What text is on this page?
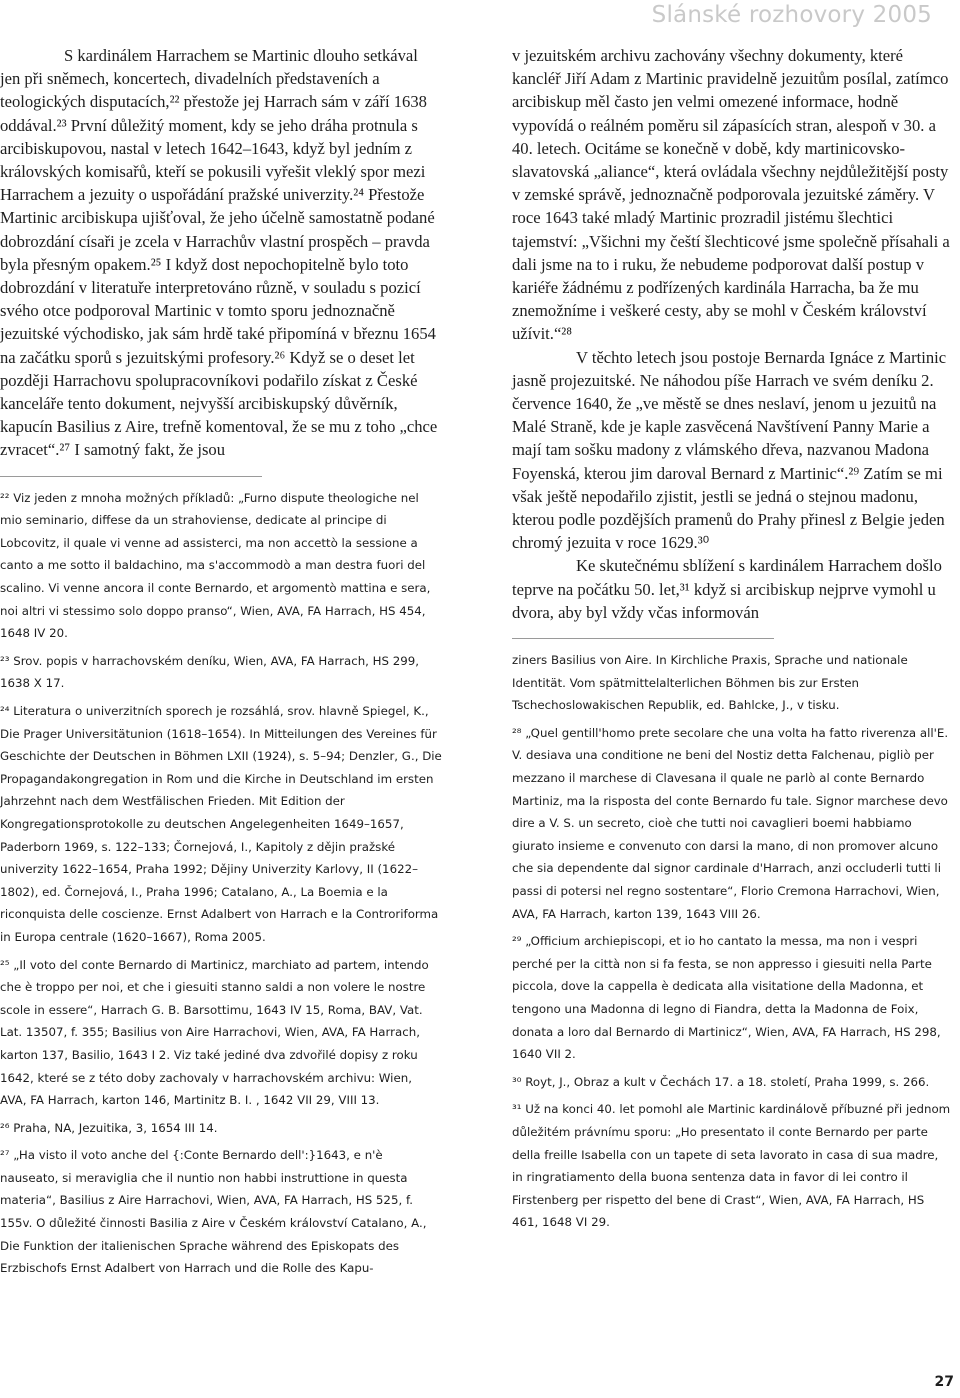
Slánské rozhovory 2005

S kardinálem Harrachem se Martinic dlouho setkával jen při sněmech, koncertech, divadelních představeních a teologických disputacích,²² přestože jej Harrach sám v září 1638 oddával.²³ První důležitý moment, kdy se jeho dráha protnula s arcibiskupovou, nastal v letech 1642–1643, když byl jedním z královských komisařů, kteří se pokusili vyřešit vleklý spor mezi Harrachem a jezuity o uspořádání pražské univerzity.²⁴ Přestože Martinic arcibiskupa ujišťoval, že jeho účelně samostatně podané dobrozdání císaři je zcela v Harrachův vlastní prospěch – pravda byla přesným opakem.²⁵ I když dost nepochopitelně bylo toto dobrozdání v literatuře interpretováno různě, v souladu s pozicí svého otce podporoval Martinic v tomto sporu jednoznačně jezuitské východisko, jak sám hrdě také připomíná v březnu 1654 na začátku sporů s jezuitskými profesory.²⁶ Když se o deset let později Harrachovu spolupracovníkovi podařilo získat z České kanceláře tento dokument, nejvyšší arcibiskupský důvěrník, kapucín Basilius z Aire, trefně komentoval, že se mu z toho „chce zvracet“.²⁷ I samotný fakt, že jsou

²² Viz jeden z mnoha možných příkladů: „Furno dispute theologiche nel mio seminario, diffese da un strahoviense, dedicate al principe di Lobcovitz, il quale vi venne ad assisterci, ma non accettò la sessione a canto a me sotto il baldachino, ma s'accommodò a man destra fuori del scalino. Vi venne ancora il conte Bernardo, et argomentò mattina e sera, noi altri vi stessimo solo doppo pranso“, Wien, AVA, FA Harrach, HS 454, 1648 IV 20.

²³ Srov. popis v harrachovském deníku, Wien, AVA, FA Harrach, HS 299, 1638 X 17.

²⁴ Literatura o univerzitních sporech je rozsáhlá, srov. hlavně Spiegel, K., Die Prager Universitätunion (1618–1654). In Mitteilungen des Vereines für Geschichte der Deutschen in Böhmen LXII (1924), s. 5–94; Denzler, G., Die Propagandakongregation in Rom und die Kirche in Deutschland im ersten Jahrzehnt nach dem Westfälischen Frieden. Mit Edition der Kongregationsprotokolle zu deutschen Angelegenheiten 1649–1657, Paderborn 1969, s. 122–133; Čornejová, I., Kapitoly z dějin pražské univerzity 1622–1654, Praha 1992; Dějiny Univerzity Karlovy, II (1622–1802), ed. Čornejová, I., Praha 1996; Catalano, A., La Boemia e la riconquista delle coscienze. Ernst Adalbert von Harrach e la Controriforma in Europa centrale (1620–1667), Roma 2005.

²⁵ „Il voto del conte Bernardo di Martinicz, marchiato ad partem, intendo che è troppo per noi, et che i giesuiti stanno saldi a non volere le nostre scole in essere“, Harrach G. B. Barsottimu, 1643 IV 15, Roma, BAV, Vat. Lat. 13507, f. 355; Basilius von Aire Harrachovi, Wien, AVA, FA Harrach, karton 137, Basilio, 1643 I 2. Viz také jediné dva zdvořilé dopisy z roku 1642, které se z této doby zachovaly v harrachovském archivu: Wien, AVA, FA Harrach, karton 146, Martinitz B. I. , 1642 VII 29, VIII 13.

²⁶ Praha, NA, Jezuitika, 3, 1654 III 14.

²⁷ „Ha visto il voto anche del {:Conte Bernardo dell':}1643, e n'è nauseato, si meraviglia che il nuntio non habbi instruttione in questa materia“, Basilius z Aire Harrachovi, Wien, AVA, FA Harrach, HS 525, f. 155v. O důležité činnosti Basilia z Aire v Českém království Catalano, A., Die Funktion der italienischen Sprache während des Episkopats des Erzbischofs Ernst Adalbert von Harrach und die Rolle des Kapu-

v jezuitském archivu zachovány všechny dokumenty, které kancléř Jiří Adam z Martinic pravidelně jezuitům posílal, zatímco arcibiskup měl často jen velmi omezené informace, hodně vypovídá o reálném poměru sil zápasících stran, alespoň v 30. a 40. letech. Ocitáme se konečně v době, kdy martinicovsko-slavatovská „aliance“, která ovládala všechny nejdůležitější posty v zemské správě, jednoznačně podporovala jezuitské záměry. V roce 1643 také mladý Martinic prozradil jistému šlechtici tajemství: „Všichni my čeští šlechticové jsme společně přísahali a dali jsme na to i ruku, že nebudeme podporovat další postup v kariéře žádnému z podřízených kardinála Harracha, ba že mu znemožníme i veškeré cesty, aby se mohl v Českém království užívit.“²⁸

V těchto letech jsou postoje Bernarda Ignáce z Martinic jasně projezuitské. Ne náhodou píše Harrach ve svém deníku 2. července 1640, že „ve městě se dnes neslaví, jenom u jezuitů na Malé Straně, kde je kaple zasvěcená Navštívení Panny Marie a mají tam sošku madony z vlámského dřeva, nazvanou Madona Foyenská, kterou jim daroval Bernard z Martinic“.²⁹ Zatím se mi však ještě nepodařilo zjistit, jestli se jedná o stejnou madonu, kterou podle pozdějších pramenů do Prahy přinesl z Belgie jeden chromý jezuita v roce 1629.³⁰

Ke skutečnému sblížení s kardinálem Harrachem došlo teprve na počátku 50. let,³¹ když si arcibiskup nejprve vymohl u dvora, aby byl vždy včas informován

ziners Basilius von Aire. In Kirchliche Praxis, Sprache und nationale Identität. Vom spätmittelalterlichen Böhmen bis zur Ersten Tschechoslowakischen Republik, ed. Bahlcke, J., v tisku.

²⁸ „Quel gentill'homo prete secolare che una volta ha fatto riverenza all'E. V. desiava una conditione ne beni del Nostiz detta Falchenau, pigliò per mezzano il marchese di Clavesana il quale ne parlò al conte Bernardo Martiniz, ma la risposta del conte Bernardo fu tale. Signor marchese devo dire a V. S. un secreto, cioè che tutti noi cavaglieri boemi habbiamo giurato insieme e convenuto con darsi la mano, di non promover alcuno che sia dependente dal signor cardinale d'Harrach, anzi occluderli tutti li passi di potersi nel regno sostentare“, Florio Cremona Harrachovi, Wien, AVA, FA Harrach, karton 139, 1643 VIII 26.

²⁹ „Officium archiepiscopi, et io ho cantato la messa, ma non i vespri perché per la città non si fa festa, se non appresso i giesuiti nella Parte piccola, dove la cappella è dedicata alla visitatione della Madonna, et tengono una Madonna di legno di Fiandra, detta la Madonna de Foix, donata a loro dal Bernardo di Martinicz“, Wien, AVA, FA Harrach, HS 298, 1640 VII 2.

³⁰ Royt, J., Obraz a kult v Čechách 17. a 18. století, Praha 1999, s. 266.

³¹ Už na konci 40. let pomohl ale Martinic kardinálově příbuzné při jednom důležitém právnímu sporu: „Ho presentato il conte Bernardo per parte della freille Isabella con un tapete di seta lavorato in casa di sua madre, in ringratiamento della buona sentenza data in favor di lei contro il Firstenberg per rispetto del bene di Crast“, Wien, AVA, FA Harrach, HS 461, 1648 VI 29.

27
